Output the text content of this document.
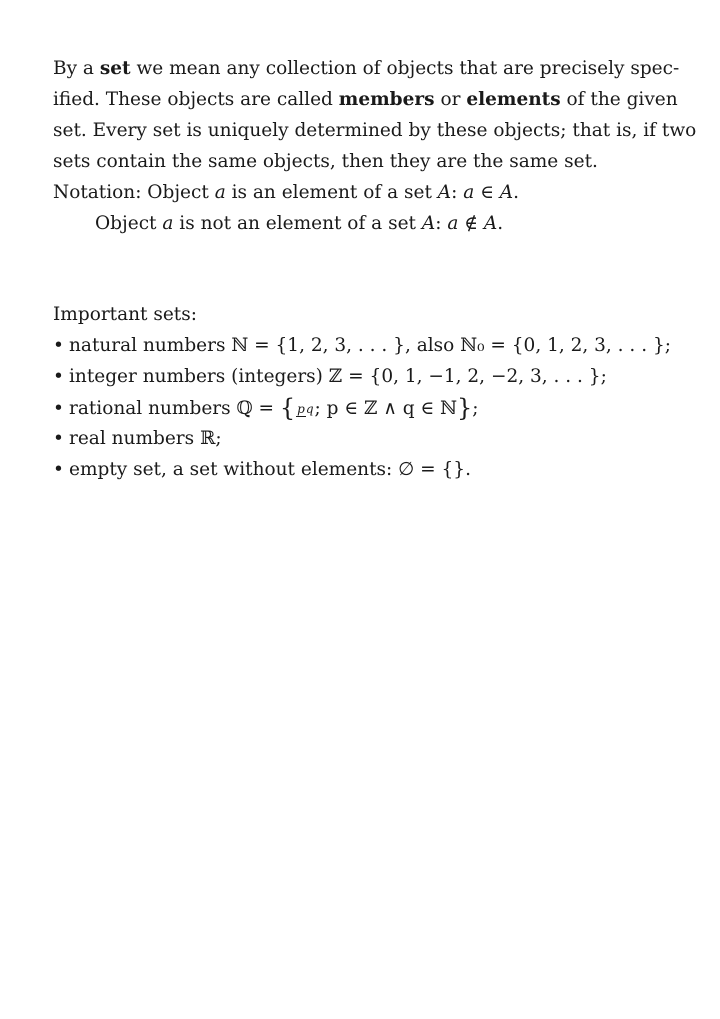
By a set we mean any collection of objects that are precisely spec-
ified. These objects are called members or elements of the given
set. Every set is uniquely determined by these objects; that is, if two
sets contain the same objects, then they are the same set.
Notation: Object a is an element of a set A: a ∈ A.
Object a is not an element of a set A: a ∉ A.
Important sets:
• natural numbers ℕ = {1, 2, 3, . . . }, also ℕ₀ = {0, 1, 2, 3, . . . };
• integer numbers (integers) ℤ = {0, 1, −1, 2, −2, 3, . . . };
• rational numbers ℚ = { pq; p ∈ ℤ ∧ q ∈ ℕ};
• real numbers ℝ;
• empty set, a set without elements: ∅ = {}.
